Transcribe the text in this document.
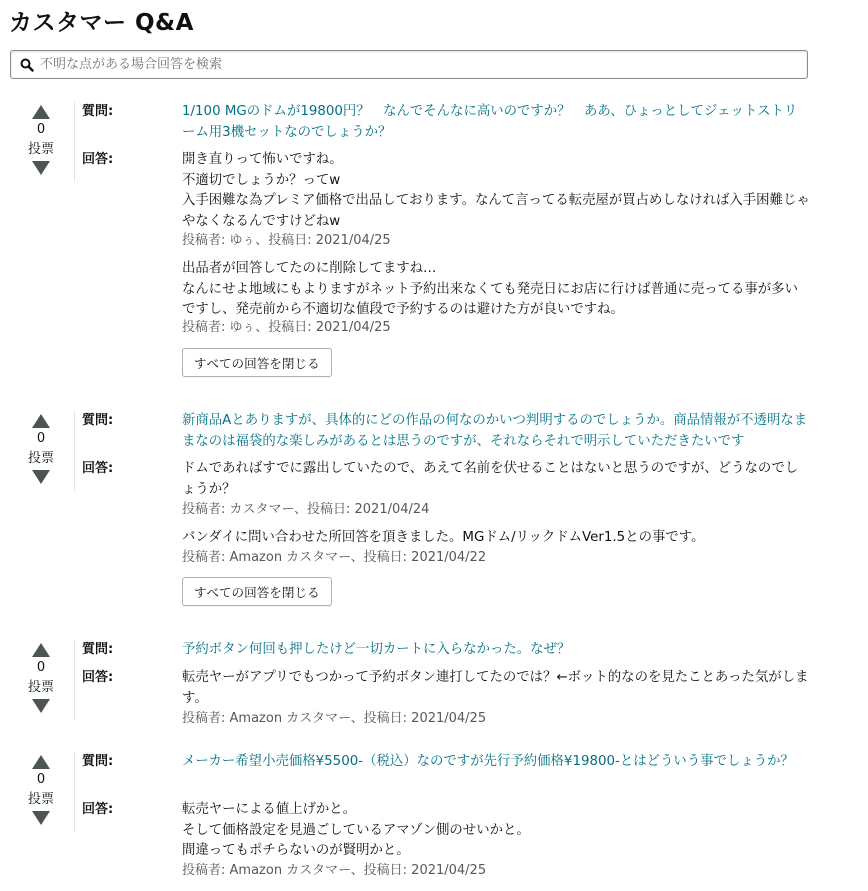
カスタマー Q&A
不明な点がある場合回答を検索
0
投票
質問:	1/100 MGのドムが19800円？　なんでそんなに高いのですか？　ああ、ひょっとしてジェットストリーム用3機セットなのでしょうか？
回答:	開き直りって怖いですね。
不適切でしょうか？ってw
入手困難な為プレミア価格で出品しております。なんて言ってる転売屋が買占めしなければ入手困難じゃやなくなるんですけどねw
投稿者: ゆぅ、投稿日: 2021/04/25
出品者が回答してたのに削除してますね…
なんにせよ地域にもよりますがネット予約出来なくても発売日にお店に行けば普通に売ってる事が多いですし、発売前から不適切な値段で予約するのは避けた方が良いですね。
投稿者: ゆぅ、投稿日: 2021/04/25
すべての回答を閉じる
0
投票
質問:	新商品Aとありますが、具体的にどの作品の何なのかいつ判明するのでしょうか。商品情報が不透明なままなのは福袋的な楽しみがあるとは思うのですが、それならそれで明示していただきたいです
回答:	ドムであればすでに露出していたので、あえて名前を伏せることはないと思うのですが、どうなのでしょうか？
投稿者: カスタマー、投稿日: 2021/04/24
バンダイに問い合わせた所回答を頂きました。MGドム/リックドムVer1.5との事です。
投稿者: Amazon カスタマー、投稿日: 2021/04/22
すべての回答を閉じる
0
投票
質問:	予約ボタン何回も押したけど一切カートに入らなかった。なぜ？
回答:	転売ヤーがアプリでもつかって予約ボタン連打してたのでは？←ボット的なのを見たことあった気がします。
投稿者: Amazon カスタマー、投稿日: 2021/04/25
0
投票
質問:	メーカー希望小売価格¥5500-（税込）なのですが先行予約価格¥19800-とはどういう事でしょうか？
回答:	転売ヤーによる値上げかと。
そして価格設定を見過ごしているアマゾン側のせいかと。
間違ってもポチらないのが賢明かと。
投稿者: Amazon カスタマー、投稿日: 2021/04/25
